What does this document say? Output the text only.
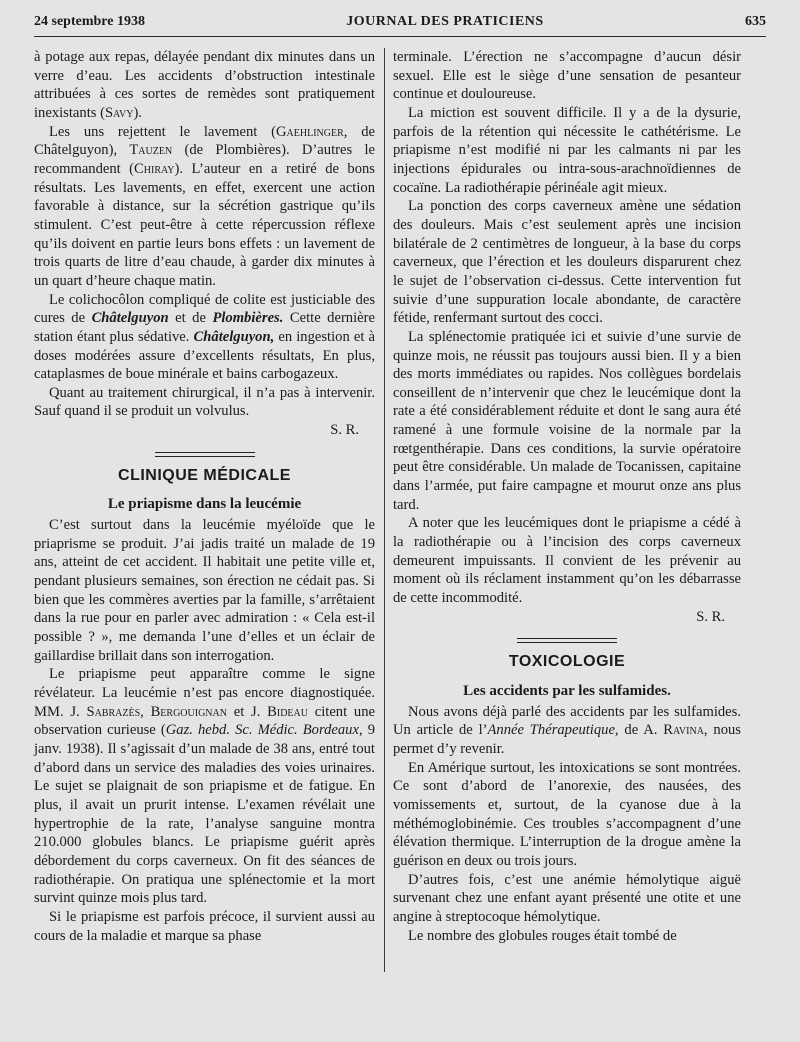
24 septembre 1938	JOURNAL DES PRATICIENS	635

à potage aux repas, délayée pendant dix minutes dans un verre d’eau. Les accidents d’obstruction intestinale attribuées à ces sortes de remèdes sont pratiquement inexistants (Savy).

Les uns rejettent le lavement (Gaehlinger, de Châtelguyon), Tauzen (de Plombières). D’autres le recommandent (Chiray). L’auteur en a retiré de bons résultats. Les lavements, en effet, exercent une action favorable à distance, sur la sécrétion gastrique qu’ils stimulent. C’est peut-être à cette répercussion réflexe qu’ils doivent en partie leurs bons effets : un lavement de trois quarts de litre d’eau chaude, à garder dix minutes à un quart d’heure chaque matin.

Le colichocôlon compliqué de colite est justiciable des cures de Châtelguyon et de Plombières. Cette dernière station étant plus sédative. Châtelguyon, en ingestion et à doses modérées assure d’excellents résultats, En plus, cataplasmes de boue minérale et bains carbogazeux.

Quant au traitement chirurgical, il n’a pas à intervenir. Sauf quand il se produit un volvulus.

S. R.
CLINIQUE MÉDICALE
Le priapisme dans la leucémie

C’est surtout dans la leucémie myéloïde que le priaprisme se produit. J’ai jadis traité un malade de 19 ans, atteint de cet accident. Il habitait une petite ville et, pendant plusieurs semaines, son érection ne cédait pas. Si bien que les commères averties par la famille, s’arrêtaient dans la rue pour en parler avec admiration : « Cela est-il possible ? », me demanda l’une d’elles et un éclair de gaillardise brillait dans son interrogation.

Le priapisme peut apparaître comme le signe révélateur. La leucémie n’est pas encore diagnostiquée. MM. J. Sabrazès, Bergouignan et J. Bideau citent une observation curieuse (Gaz. hebd. Sc. Médic. Bordeaux, 9 janv. 1938). Il s’agissait d’un malade de 38 ans, entré tout d’abord dans un service des maladies des voies urinaires. Le sujet se plaignait de son priapisme et de fatigue. En plus, il avait un prurit intense. L’examen révélait une hypertrophie de la rate, l’analyse sanguine montra 210.000 globules blancs. Le priapisme guérit après débordement du corps caverneux. On fit des séances de radiothérapie. On pratiqua une splénectomie et la mort survint quinze mois plus tard.

Si le priapisme est parfois précoce, il survient aussi au cours de la maladie et marque sa phase

terminale. L’érection ne s’accompagne d’aucun désir sexuel. Elle est le siège d’une sensation de pesanteur continue et douloureuse.

La miction est souvent difficile. Il y a de la dysurie, parfois de la rétention qui nécessite le cathétérisme. Le priapisme n’est modifié ni par les calmants ni par les injections épidurales ou intra-sous-arachnoïdiennes de cocaïne. La radiothérapie périnéale agit mieux.

La ponction des corps caverneux amène une sédation des douleurs. Mais c’est seulement après une incision bilatérale de 2 centimètres de longueur, à la base du corps caverneux, que l’érection et les douleurs disparurent chez le sujet de l’observation ci-dessus. Cette intervention fut suivie d’une suppuration locale abondante, de caractère fétide, renfermant surtout des cocci.

La splénectomie pratiquée ici et suivie d’une survie de quinze mois, ne réussit pas toujours aussi bien. Il y a bien des morts immédiates ou rapides. Nos collègues bordelais conseillent de n’intervenir que chez le leucémique dont la rate a été considérablement réduite et dont le sang aura été ramené à une formule voisine de la normale par la rœtgenthérapie. Dans ces conditions, la survie opératoire peut être considérable. Un malade de Tocanissen, capitaine dans l’armée, put faire campagne et mourut onze ans plus tard.

A noter que les leucémiques dont le priapisme a cédé à la radiothérapie ou à l’incision des corps caverneux demeurent impuissants. Il convient de les prévenir au moment où ils réclament instamment qu’on les débarrasse de cette incommodité.

S. R.
TOXICOLOGIE
Les accidents par les sulfamides.

Nous avons déjà parlé des accidents par les sulfamides. Un article de l’Année Thérapeutique, de A. Ravina, nous permet d’y revenir.

En Amérique surtout, les intoxications se sont montrées. Ce sont d’abord de l’anorexie, des nausées, des vomissements et, surtout, de la cyanose due à la méthémoglobinémie. Ces troubles s’accompagnent d’une élévation thermique. L’interruption de la drogue amène la guérison en deux ou trois jours.

D’autres fois, c’est une anémie hémolytique aiguë survenant chez une enfant ayant présenté une otite et une angine à streptocoque hémolytique.

Le nombre des globules rouges était tombé de
